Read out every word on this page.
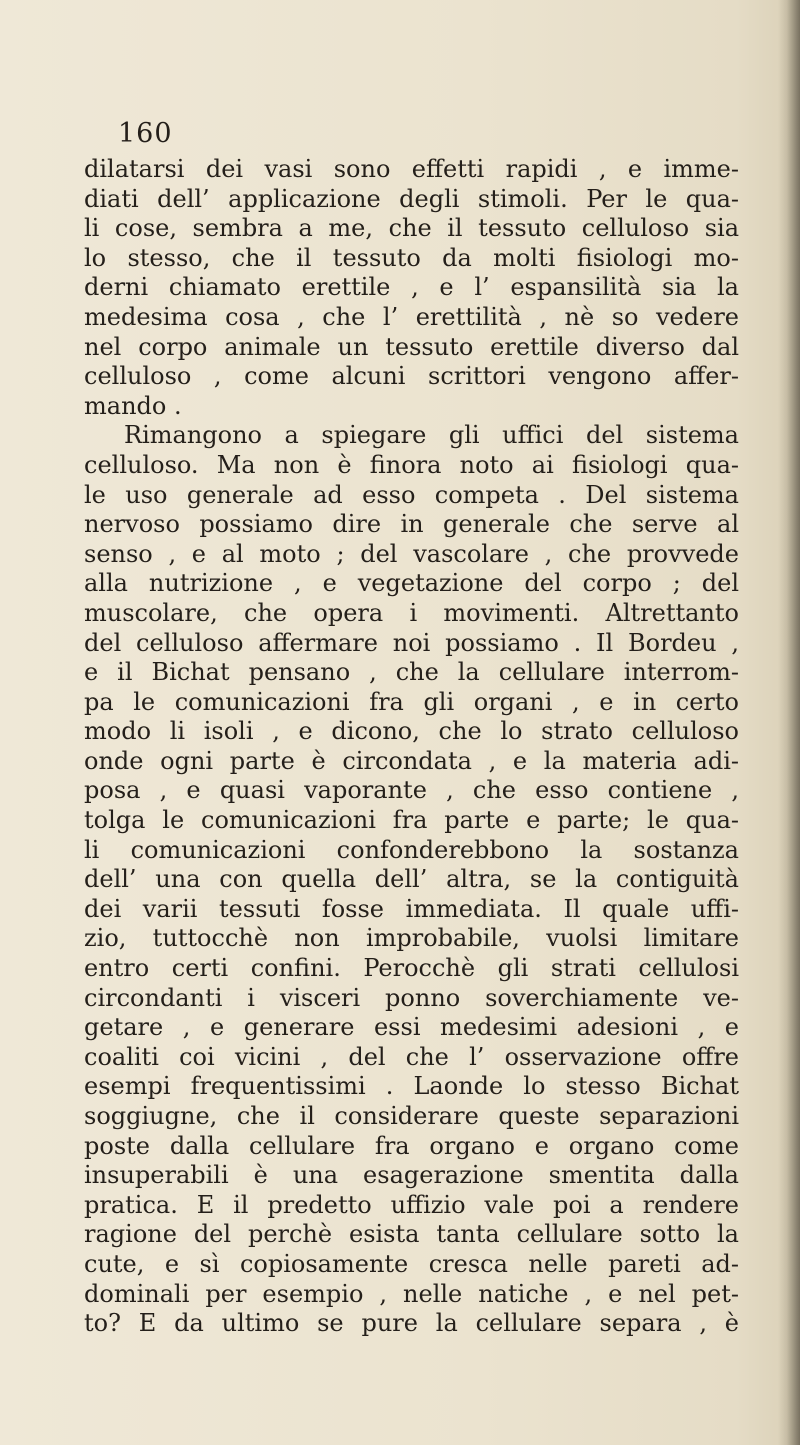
160
dilatarsi dei vasi sono effetti rapidi , e imme-
diati dell’ applicazione degli stimoli. Per le qua-
li cose, sembra a me, che il tessuto celluloso sia
lo stesso, che il tessuto da molti fisiologi mo-
derni chiamato erettile , e l’ espansilità sia la
medesima cosa , che l’ erettilità , nè so vedere
nel corpo animale un tessuto erettile diverso dal
celluloso , come alcuni scrittori vengono affer-
mando .
Rimangono a spiegare gli uffici del sistema
celluloso. Ma non è finora noto ai fisiologi qua-
le uso generale ad esso competa . Del sistema
nervoso possiamo dire in generale che serve al
senso , e al moto ; del vascolare , che provvede
alla nutrizione , e vegetazione del corpo ; del
muscolare, che opera i movimenti. Altrettanto
del celluloso affermare noi possiamo . Il Bordeu ,
e il Bichat pensano , che la cellulare interrom-
pa le comunicazioni fra gli organi , e in certo
modo li isoli , e dicono, che lo strato celluloso
onde ogni parte è circondata , e la materia adi-
posa , e quasi vaporante , che esso contiene ,
tolga le comunicazioni fra parte e parte; le qua-
li comunicazioni confonderebbono la sostanza
dell’ una con quella dell’ altra, se la contiguità
dei varii tessuti fosse immediata. Il quale uffi-
zio, tuttocchè non improbabile, vuolsi limitare
entro certi confini. Perocchè gli strati cellulosi
circondanti i visceri ponno soverchiamente ve-
getare , e generare essi medesimi adesioni , e
coaliti coi vicini , del che l’ osservazione offre
esempi frequentissimi . Laonde lo stesso Bichat
soggiugne, che il considerare queste separazioni
poste dalla cellulare fra organo e organo come
insuperabili è una esagerazione smentita dalla
pratica. E il predetto uffizio vale poi a rendere
ragione del perchè esista tanta cellulare sotto la
cute, e sì copiosamente cresca nelle pareti ad-
dominali per esempio , nelle natiche , e nel pet-
to? E da ultimo se pure la cellulare separa , è
